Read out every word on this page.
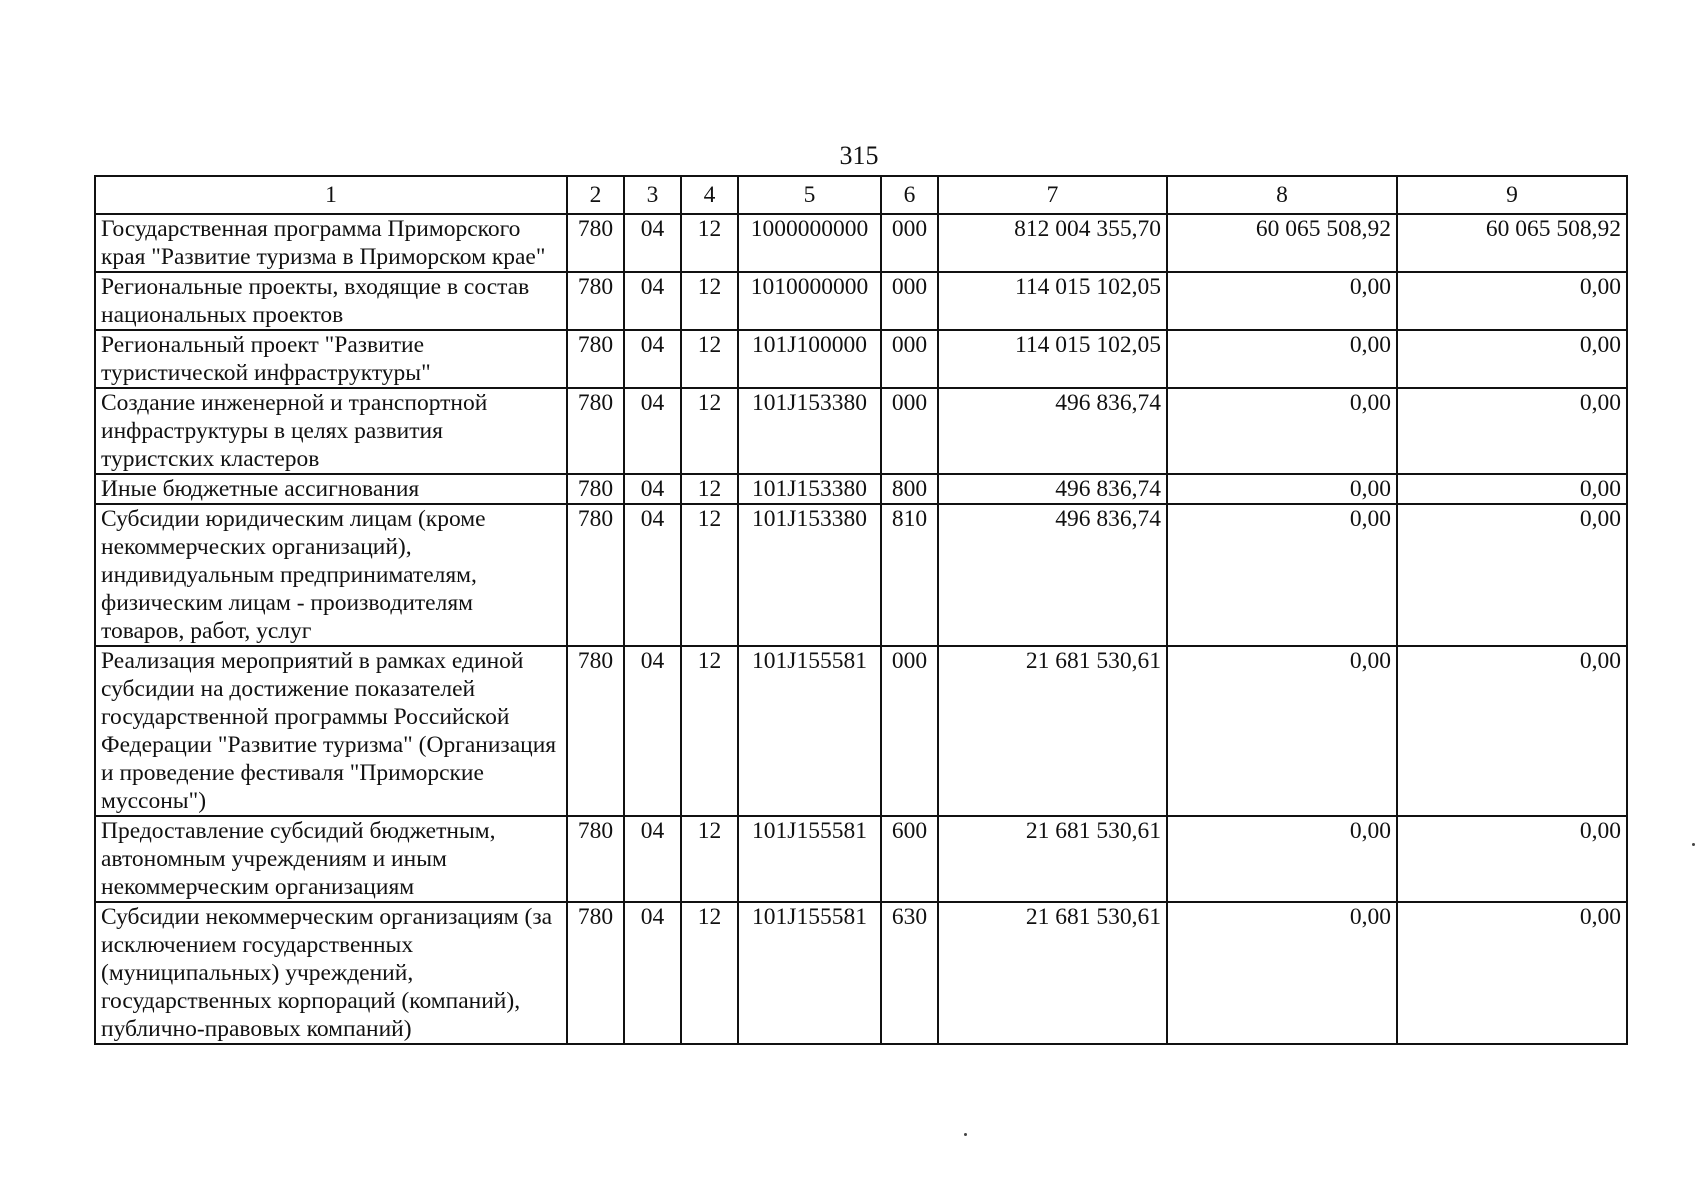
315
1	2	3	4	5	6	7	8	9
Государственная программа Приморского края "Развитие туризма в Приморском крае"	780	04	12	1000000000	000	812 004 355,70	60 065 508,92	60 065 508,92
Региональные проекты, входящие в состав национальных проектов	780	04	12	1010000000	000	114 015 102,05	0,00	0,00
Региональный проект "Развитие туристической инфраструктуры"	780	04	12	101J100000	000	114 015 102,05	0,00	0,00
Создание инженерной и транспортной инфраструктуры в целях развития туристских кластеров	780	04	12	101J153380	000	496 836,74	0,00	0,00
Иные бюджетные ассигнования	780	04	12	101J153380	800	496 836,74	0,00	0,00
Субсидии юридическим лицам (кроме некоммерческих организаций), индивидуальным предпринимателям, физическим лицам - производителям товаров, работ, услуг	780	04	12	101J153380	810	496 836,74	0,00	0,00
Реализация мероприятий в рамках единой субсидии на достижение показателей государственной программы Российской Федерации "Развитие туризма" (Организация и проведение фестиваля "Приморские муссоны")	780	04	12	101J155581	000	21 681 530,61	0,00	0,00
Предоставление субсидий бюджетным, автономным учреждениям и иным некоммерческим организациям	780	04	12	101J155581	600	21 681 530,61	0,00	0,00
Субсидии некоммерческим организациям (за исключением государственных (муниципальных) учреждений, государственных корпораций (компаний), публично-правовых компаний)	780	04	12	101J155581	630	21 681 530,61	0,00	0,00
